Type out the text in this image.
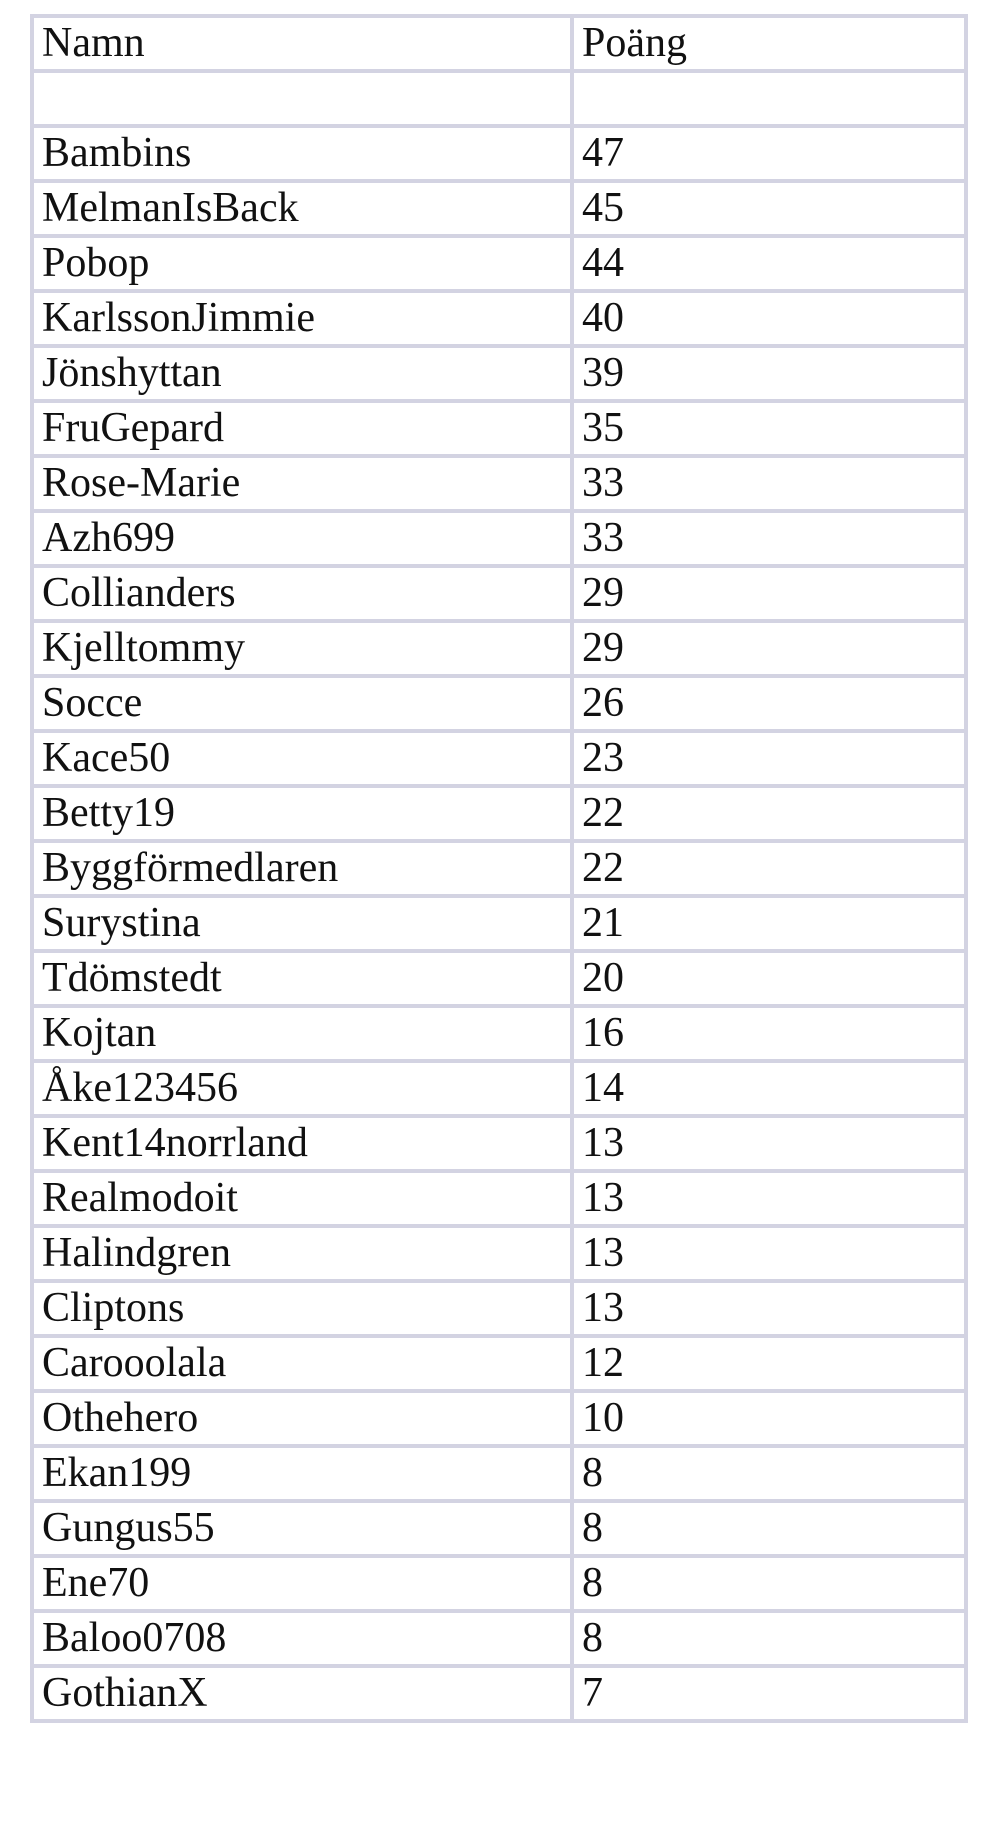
Namn	Poäng

Bambins	47
MelmanIsBack	45
Pobop	44
KarlssonJimmie	40
Jönshyttan	39
FruGepard	35
Rose-Marie	33
Azh699	33
Collianders	29
Kjelltommy	29
Socce	26
Kace50	23
Betty19	22
Byggförmedlaren	22
Surystina	21
Tdömstedt	20
Kojtan	16
Åke123456	14
Kent14norrland	13
Realmodoit	13
Halindgren	13
Cliptons	13
Carooolala	12
Othehero	10
Ekan199	8
Gungus55	8
Ene70	8
Baloo0708	8
GothianX	7
